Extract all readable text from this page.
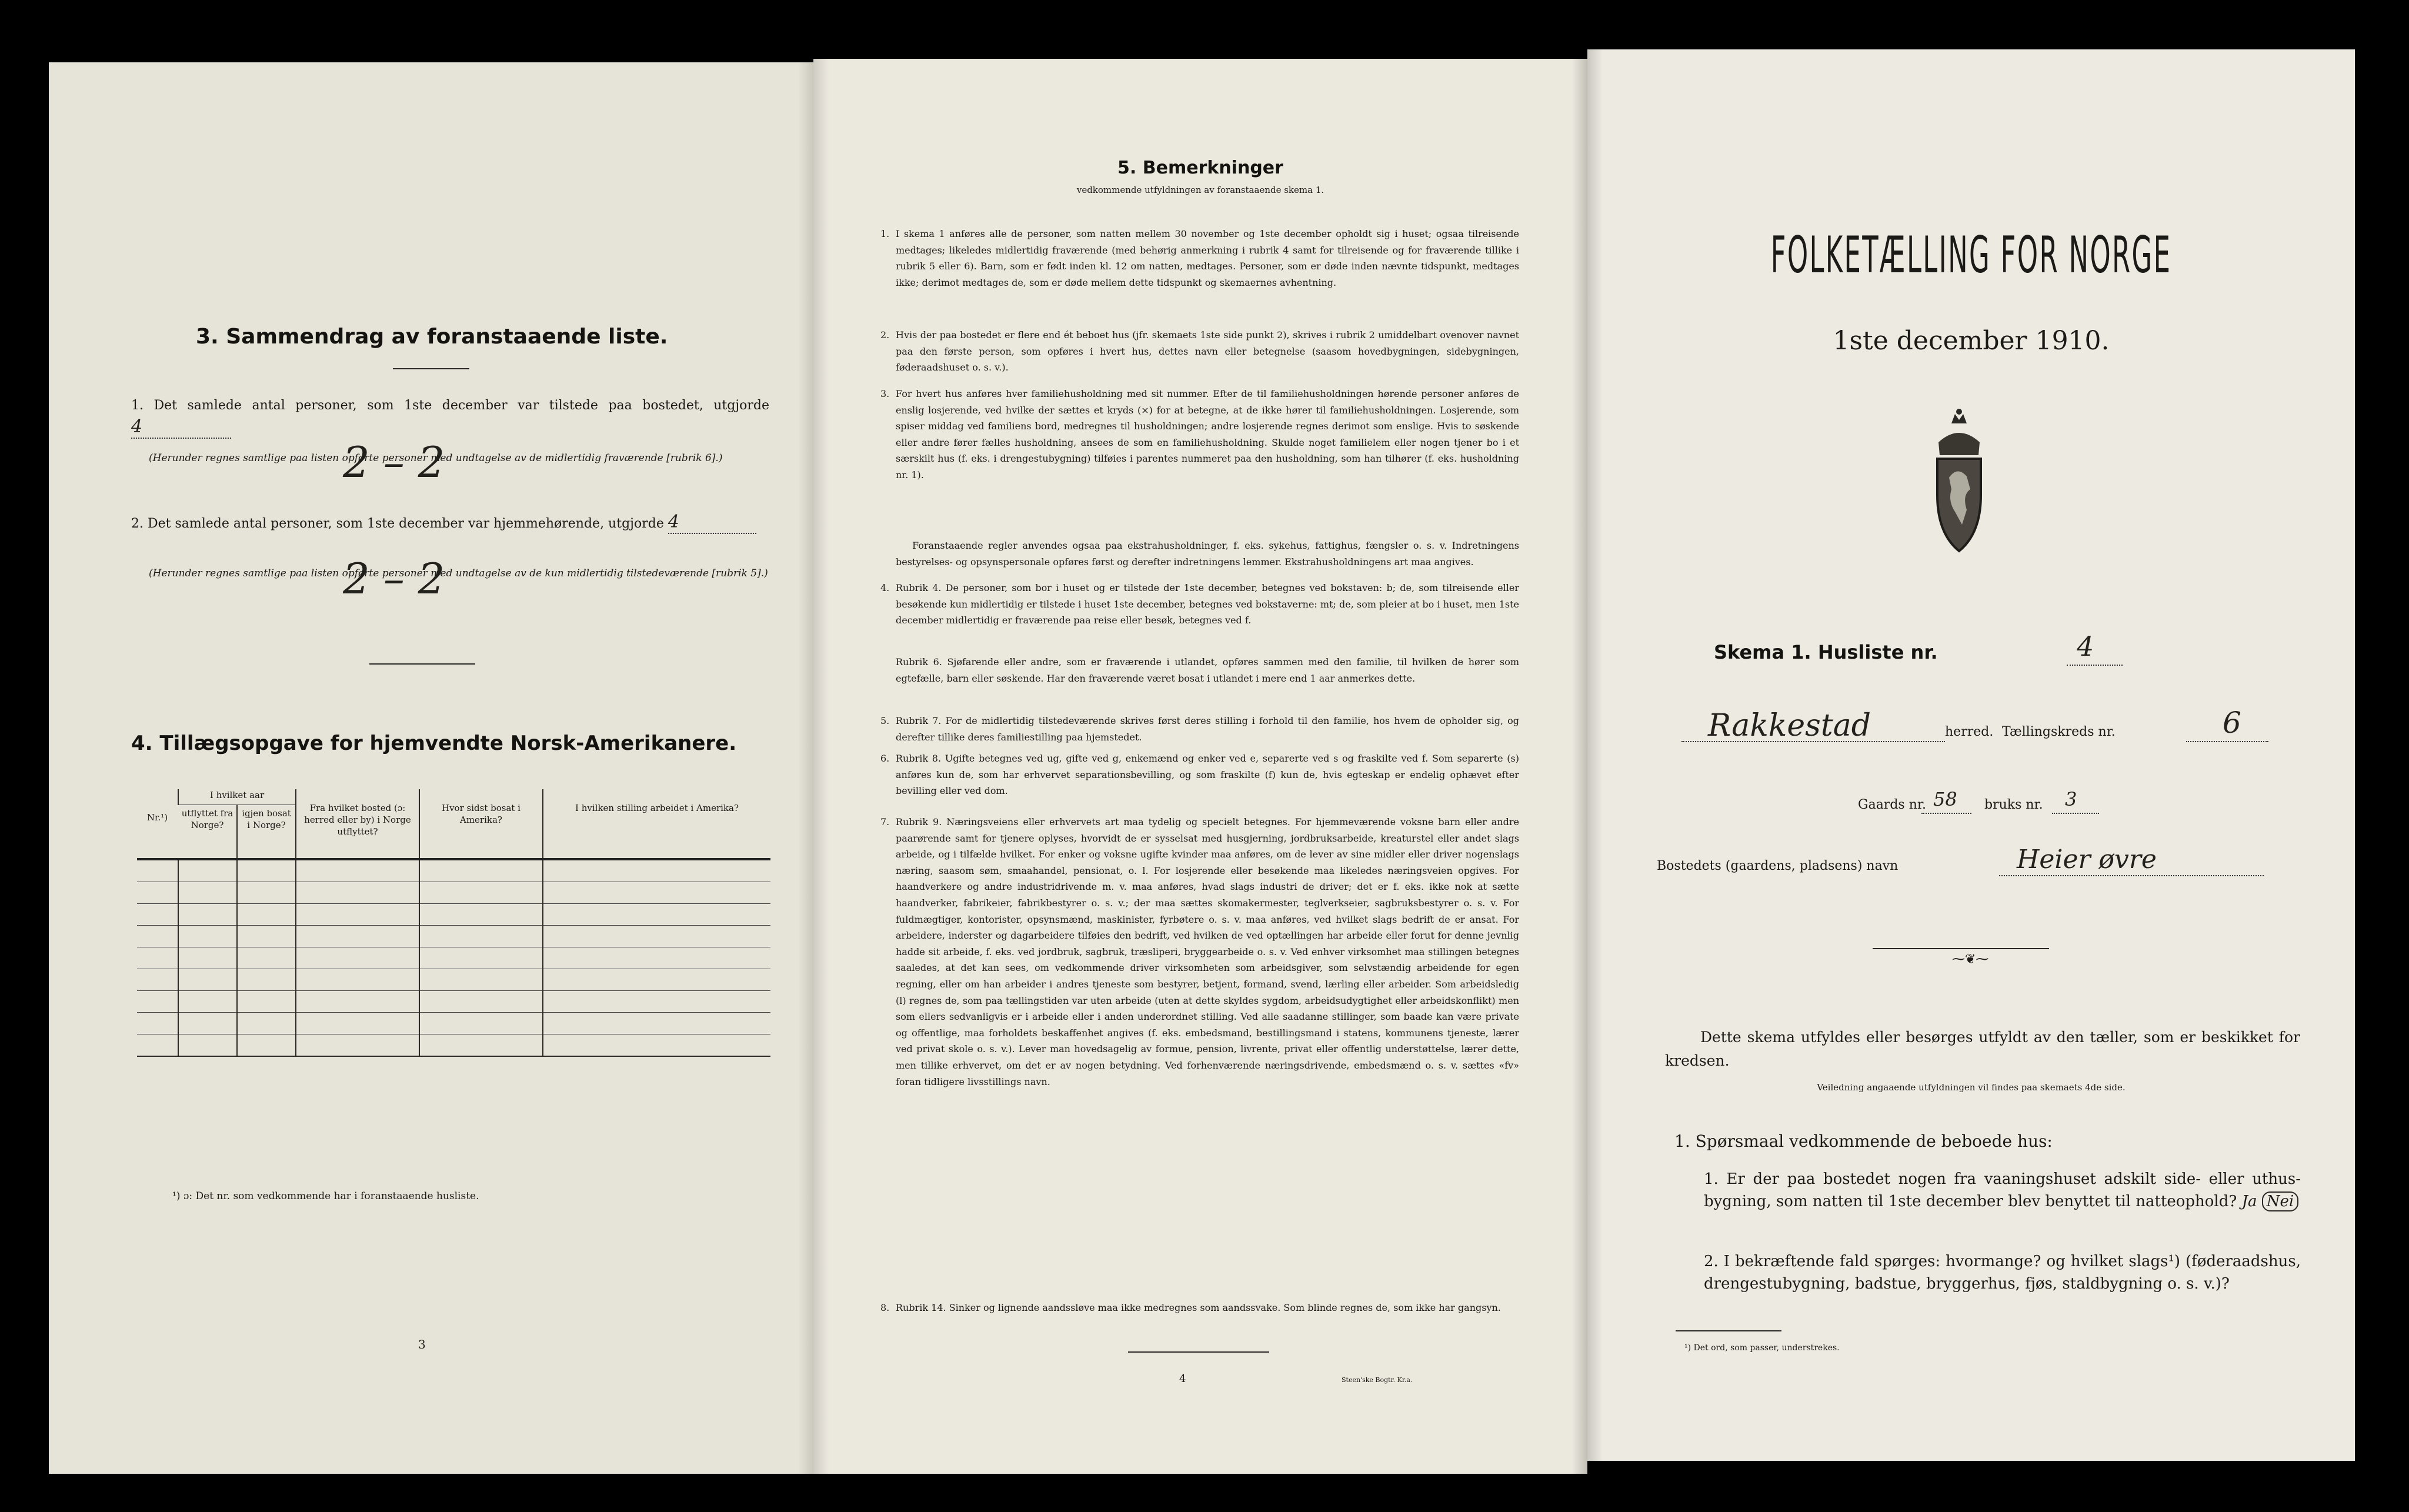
3. Sammendrag av foranstaaende liste.
1. Det samlede antal personer, som 1ste december var tilstede paa bostedet, utgjorde 4
2 – 2
(Herunder regnes samtlige paa listen opførte personer med undtagelse av de midlertidig fraværende [rubrik 6].)
2. Det samlede antal personer, som 1ste december var hjemmehørende, utgjorde 4
2 – 2
(Herunder regnes samtlige paa listen opførte personer med undtagelse av de kun midlertidig tilstedeværende [rubrik 5].)
4. Tillægsopgave for hjemvendte Norsk-Amerikanere.
Nr.¹)	I hvilket aar		Fra hvilket bosted (ɔ: herred eller by) i Norge utflyttet?	Hvor sidst bosat i Amerika?	I hvilken stilling arbeidet i Amerika?
	utflyttet fra Norge?	igjen bosat i Norge?			

¹) ɔ: Det nr. som vedkommende har i foranstaaende husliste.
3
5. Bemerkninger
vedkommende utfyldningen av foranstaaende skema 1.
1. I skema 1 anføres alle de personer, som natten mellem 30 november og 1ste december opholdt sig i huset; ogsaa tilreisende medtages; likeledes midlertidig fraværende (med behørig anmerkning i rubrik 4 samt for tilreisende og for fraværende tillike i rubrik 5 eller 6). Barn, som er født inden kl. 12 om natten, medtages. Personer, som er døde inden nævnte tidspunkt, medtages ikke; derimot medtages de, som er døde mellem dette tidspunkt og skemaernes avhentning.
2. Hvis der paa bostedet er flere end ét beboet hus (jfr. skemaets 1ste side punkt 2), skrives i rubrik 2 umiddelbart ovenover navnet paa den første person, som opføres i hvert hus, dettes navn eller betegnelse (saasom hovedbygningen, sidebygningen, føderaadshuset o. s. v.).
3. For hvert hus anføres hver familiehusholdning med sit nummer. Efter de til familiehusholdningen hørende personer anføres de enslig losjerende, ved hvilke der sættes et kryds (×) for at betegne, at de ikke hører til familiehusholdningen. Losjerende, som spiser middag ved familiens bord, medregnes til husholdningen; andre losjerende regnes derimot som enslige. Hvis to søskende eller andre fører fælles husholdning, ansees de som en familiehusholdning. Skulde noget familielem eller nogen tjener bo i et særskilt hus (f. eks. i drengestubygning) tilføies i parentes nummeret paa den husholdning, som han tilhører (f. eks. husholdning nr. 1).
Foranstaaende regler anvendes ogsaa paa ekstrahusholdninger, f. eks. sykehus, fattighus, fængsler o. s. v. Indretningens bestyrelses- og opsynspersonale opføres først og derefter indretningens lemmer. Ekstrahusholdningens art maa angives.
4. Rubrik 4. De personer, som bor i huset og er tilstede der 1ste december, betegnes ved bokstaven: b; de, som tilreisende eller besøkende kun midlertidig er tilstede i huset 1ste december, betegnes ved bokstaverne: mt; de, som pleier at bo i huset, men 1ste december midlertidig er fraværende paa reise eller besøk, betegnes ved f.
Rubrik 6. Sjøfarende eller andre, som er fraværende i utlandet, opføres sammen med den familie, til hvilken de hører som egtefælle, barn eller søskende. Har den fraværende været bosat i utlandet i mere end 1 aar anmerkes dette.
5. Rubrik 7. For de midlertidig tilstedeværende skrives først deres stilling i forhold til den familie, hos hvem de opholder sig, og derefter tillike deres familiestilling paa hjemstedet.
6. Rubrik 8. Ugifte betegnes ved ug, gifte ved g, enkemænd og enker ved e, separerte ved s og fraskilte ved f. Som separerte (s) anføres kun de, som har erhvervet separationsbevilling, og som fraskilte (f) kun de, hvis egteskap er endelig ophævet efter bevilling eller ved dom.
7. Rubrik 9. Næringsveiens eller erhvervets art maa tydelig og specielt betegnes. For hjemmeværende voksne barn eller andre paarørende samt for tjenere oplyses, hvorvidt de er sysselsat med husgjerning, jordbruksarbeide, kreaturstel eller andet slags arbeide, og i tilfælde hvilket. For enker og voksne ugifte kvinder maa anføres, om de lever av sine midler eller driver nogenslags næring, saasom søm, smaahandel, pensionat, o. l. For losjerende eller besøkende maa likeledes næringsveien opgives. For haandverkere og andre industridrivende m. v. maa anføres, hvad slags industri de driver; det er f. eks. ikke nok at sætte haandverker, fabrikeier, fabrikbestyrer o. s. v.; der maa sættes skomakermester, teglverkseier, sagbruksbestyrer o. s. v. For fuldmægtiger, kontorister, opsynsmænd, maskinister, fyrbøtere o. s. v. maa anføres, ved hvilket slags bedrift de er ansat. For arbeidere, inderster og dagarbeidere tilføies den bedrift, ved hvilken de ved optællingen har arbeide eller forut for denne jevnlig hadde sit arbeide, f. eks. ved jordbruk, sagbruk, træsliperi, bryggearbeide o. s. v. Ved enhver virksomhet maa stillingen betegnes saaledes, at det kan sees, om vedkommende driver virksomheten som arbeidsgiver, som selvstændig arbeidende for egen regning, eller om han arbeider i andres tjeneste som bestyrer, betjent, formand, svend, lærling eller arbeider. Som arbeidsledig (l) regnes de, som paa tællingstiden var uten arbeide (uten at dette skyldes sygdom, arbeidsudygtighet eller arbeidskonflikt) men som ellers sedvanligvis er i arbeide eller i anden underordnet stilling. Ved alle saadanne stillinger, som baade kan være private og offentlige, maa forholdets beskaffenhet angives (f. eks. embedsmand, bestillingsmand i statens, kommunens tjeneste, lærer ved privat skole o. s. v.). Lever man hovedsagelig av formue, pension, livrente, privat eller offentlig understøttelse, lærer dette, men tillike erhvervet, om det er av nogen betydning. Ved forhenværende næringsdrivende, embedsmænd o. s. v. sættes «fv» foran tidligere livsstillings navn.
8. Rubrik 14. Sinker og lignende aandssløve maa ikke medregnes som aandssvake. Som blinde regnes de, som ikke har gangsyn.
4	Steen'ske Bogtr. Kr.a.
FOLKETÆLLING FOR NORGE
1ste december 1910.
Skema 1. Husliste nr.	4
Rakkestad	herred. Tællingskreds nr.	6
Gaards nr. 58 bruks nr. 3
Bostedets (gaardens, pladsens) navn	Heier øvre
⁓❦⁓
Dette skema utfyldes eller besørges utfyldt av den tæller, som er beskikket for kredsen.
Veiledning angaaende utfyldningen vil findes paa skemaets 4de side.
1. Spørsmaal vedkommende de beboede hus:
1. Er der paa bostedet nogen fra vaaningshuset adskilt side- eller uthus-bygning, som natten til 1ste december blev benyttet til natteophold? Ja Nei
2. I bekræftende fald spørges: hvormange? og hvilket slags¹) (føderaadshus, drengestubygning, badstue, bryggerhus, fjøs, staldbygning o. s. v.)?
¹) Det ord, som passer, understrekes.
